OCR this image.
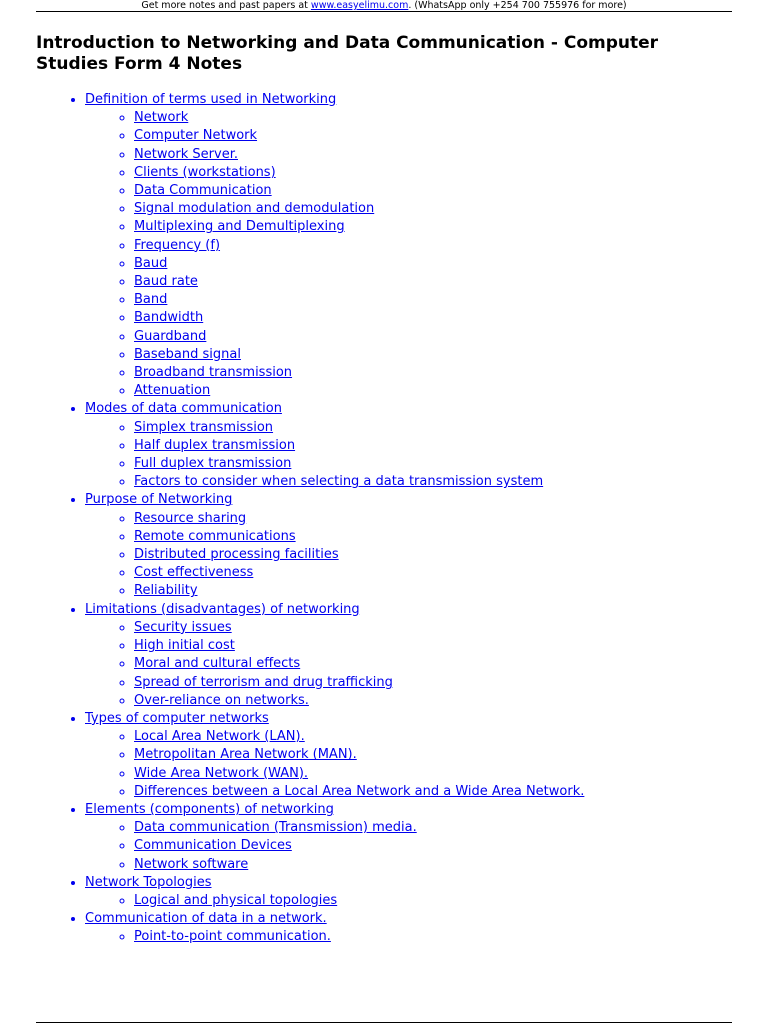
Get more notes and past papers at www.easyelimu.com. (WhatsApp only +254 700 755976 for more)
Introduction to Networking and Data Communication - Computer Studies Form 4 Notes
• Definition of terms used in Networking
◦ Network
◦ Computer Network
◦ Network Server.
◦ Clients (workstations)
◦ Data Communication
◦ Signal modulation and demodulation
◦ Multiplexing and Demultiplexing
◦ Frequency (f)
◦ Baud
◦ Baud rate
◦ Band
◦ Bandwidth
◦ Guardband
◦ Baseband signal
◦ Broadband transmission
◦ Attenuation
• Modes of data communication
◦ Simplex transmission
◦ Half duplex transmission
◦ Full duplex transmission
◦ Factors to consider when selecting a data transmission system
• Purpose of Networking
◦ Resource sharing
◦ Remote communications
◦ Distributed processing facilities
◦ Cost effectiveness
◦ Reliability
• Limitations (disadvantages) of networking
◦ Security issues
◦ High initial cost
◦ Moral and cultural effects
◦ Spread of terrorism and drug trafficking
◦ Over-reliance on networks.
• Types of computer networks
◦ Local Area Network (LAN).
◦ Metropolitan Area Network (MAN).
◦ Wide Area Network (WAN).
◦ Differences between a Local Area Network and a Wide Area Network.
• Elements (components) of networking
◦ Data communication (Transmission) media.
◦ Communication Devices
◦ Network software
• Network Topologies
◦ Logical and physical topologies
• Communication of data in a network.
◦ Point-to-point communication.
